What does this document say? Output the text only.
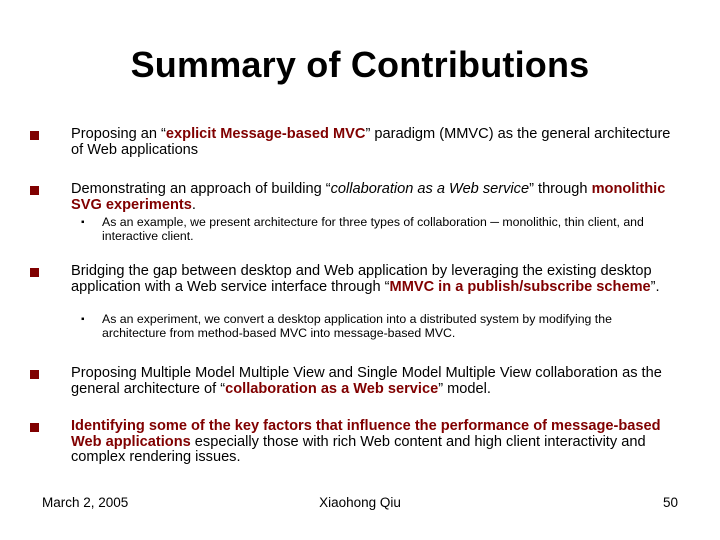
Summary of Contributions
Proposing an “explicit Message-based MVC” paradigm (MMVC) as the general architecture of Web applications
Demonstrating an approach of building “collaboration as a Web service” through monolithic SVG experiments.
▪ As an example, we present architecture for three types of collaboration ─ monolithic, thin client, and interactive client.
Bridging the gap between desktop and Web application by leveraging the existing desktop application with a Web service interface through “MMVC in a publish/subscribe scheme”.
▪ As an experiment, we convert a desktop application into a distributed system by modifying the architecture from method-based MVC into message-based MVC.
Proposing Multiple Model Multiple View and Single Model Multiple View collaboration as the general architecture of “collaboration as a Web service” model.
Identifying some of the key factors that influence the performance of message-based Web applications especially those with rich Web content and high client interactivity and complex rendering issues.
March 2, 2005	Xiaohong Qiu	50
